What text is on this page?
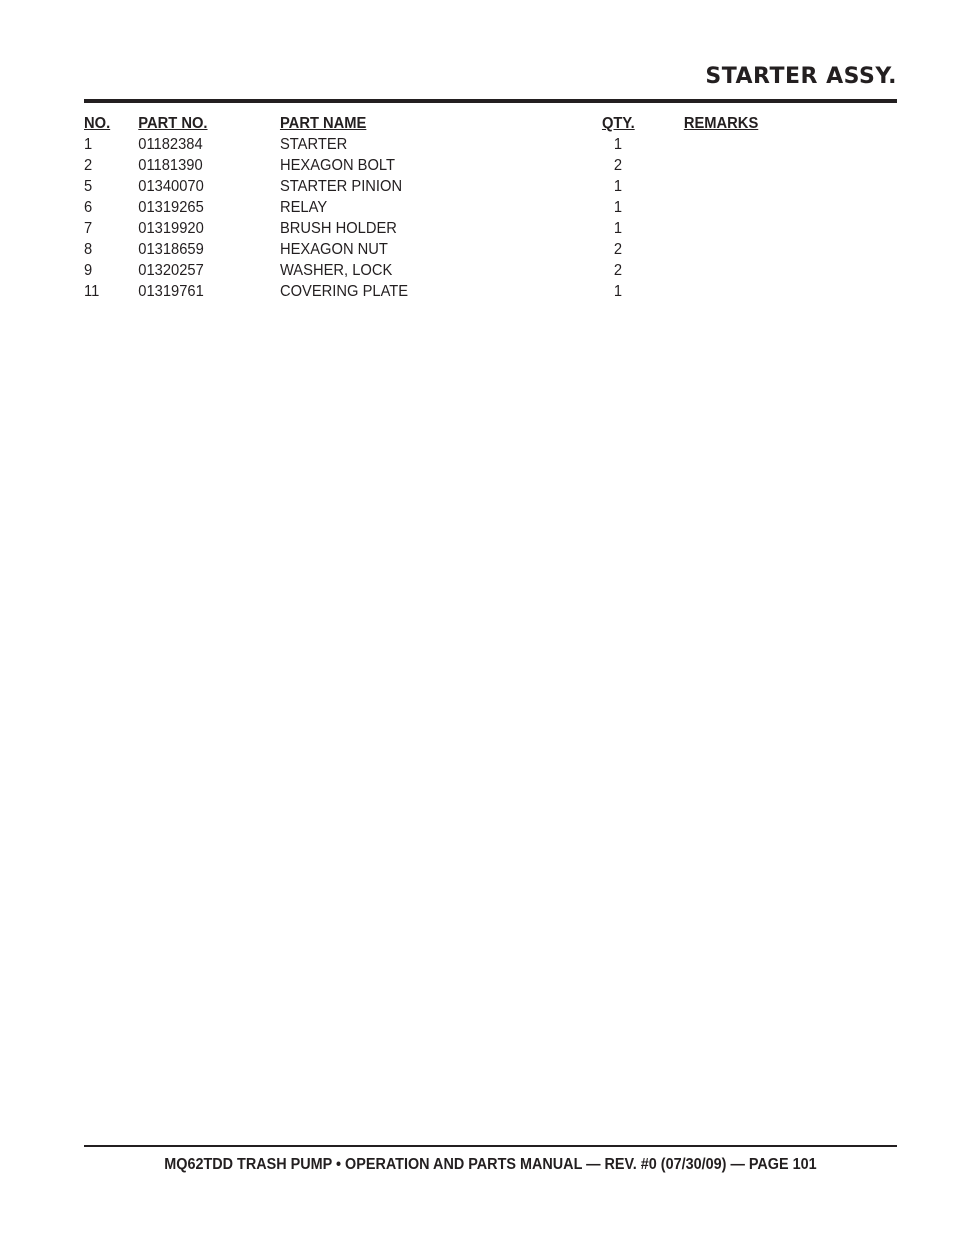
STARTER ASSY.
NO.	PART NO.	PART NAME	QTY.	REMARKS
1	01182384	STARTER	1	
2	01181390	HEXAGON BOLT	2	
5	01340070	STARTER PINION	1	
6	01319265	RELAY	1	
7	01319920	BRUSH HOLDER	1	
8	01318659	HEXAGON NUT	2	
9	01320257	WASHER, LOCK	2	
11	01319761	COVERING PLATE	1	
MQ62TDD TRASH PUMP • OPERATION AND PARTS MANUAL — REV. #0 (07/30/09) — PAGE 101
